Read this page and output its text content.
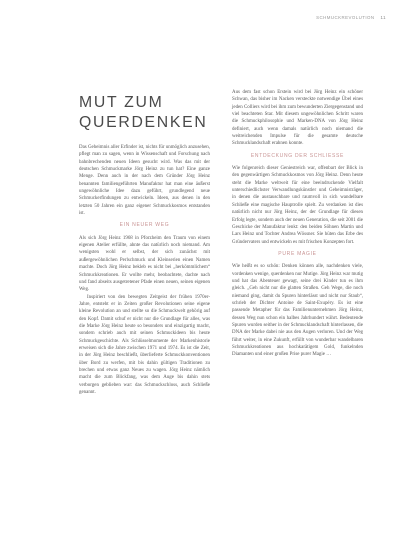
SCHMUCKREVOLUTION 11
MUT ZUM
QUERDENKEN

Das Geheimnis aller Erfinder ist, nichts für unmöglich anzusehen, pflegt man zu sagen, wenn in Wissenschaft und Forschung nach bahnbrechenden neuen Ideen gesucht wird. Was das mit der deutschen Schmuckmarke Jörg Heinz zu tun hat? Eine ganze Menge. Denn auch in der nach dem Gründer Jörg Heinz benannten familiengeführten Manufaktur hat man eine äußerst ungewöhnliche Idee dazu geführt, grundlegend neue Schmuckerfindungen zu entwickeln. Ideen, aus denen in den letzten 50 Jahren ein ganz eigener Schmuckkosmos entstanden ist.

EIN NEUER WEG

Als sich Jörg Heinz 1968 in Pforzheim den Traum von einem eigenen Atelier erfüllte, ahnte das natürlich noch niemand. Am wenigsten wohl er selbst, der sich zunächst mit außergewöhnlichen Perlschmuck und Kleinserien einen Namen machte. Doch Jörg Heinz bekleb es nicht bei „herkömmlichem“ Schmuckkreationen. Er wollte mehr, beobachtete, dachte nach und fand abseits ausgetretener Pfade einen neuen, seinen eigenen Weg.

Inspiriert von den bewegten Zeitgeist der frühen 1970er-Jahre, entsteht er in Zeiten großer Revolutionen seine eigene kleine Revolution an und stellte so die Schmuckwelt gehörig auf den Kopf. Damit schuf er nicht nur die Grundlage für alles, was die Marke Jörg Heinz heute so besonders und einzigartig macht, sondern schrieb auch mit seinen Schmuckideen bis heute Schmuckgeschichte. Als Schlüsselmomente der Markenhistorie erweisen sich die Jahre zwischen 1971 und 1974. Es ist die Zeit, in der Jörg Heinz beschließt, überlieferte Schmuckkonventionen über Bord zu werfen, mit bis dahin gültigen Traditionen zu brechen und etwas ganz Neues zu wagen. Jörg Heinz nämlich macht die zum Blickfang, was dem Auge bis dahin stets verborgen geblieben war: das Schmuckschloss, auch Schließe genannt.

Aus dem fast schon Erstein wird bei Jörg Heinz ein schöner Schwan, das bisher im Nacken versteckte notwendige Übel eines jeden Colliers wird bei ihm zum bewunderten Ziergegenstand und viel beachteten Star. Mit diesem ungewöhnlichen Schritt waren die Schmuckphilosophie und Marken-DNA von Jörg Heinz definiert, auch wenn damals natürlich noch niemand die weitreichenden Impulse für die gesamte deutsche Schmucklandschaft erahnen konnte.

ENTDECKUNG DER SCHLIESSE

Wie folgenreich dieser Geniestreich war, offenbart der Blick in den gegenwärtigen Schmuckkosmos von Jörg Heinz. Denn heute steht die Marke weltweit für eine beeindruckende Vielfalt unterschiedlichster Verwandlungskünstler und Geheimnisträger, in denen die austauschbare und raumvoll in sich wandelbare Schließe eine magische Hauptrolle spielt. Zu verdanken ist dies natürlich nicht nur Jörg Heinz, der der Grundlage für diesen Erfolg legte, sondern auch der neuen Generation, die seit 2001 die Geschicke der Manufaktur lenkt: den beiden Söhnen Martin und Lars Heinz und Tochter Andrea Wössner. Sie hüten das Erbe des Gründervaters und entwickeln es mit frischen Konzepten fort.

PURE MAGIE

Wie heißt es so schön: Denken können alle, nachdenken viele, vordenken wenige, querdenken nur Mutige. Jörg Heinz war mutig und hat das Abenteuer gewagt, seine drei Kinder tun es ihm gleich. „Geh nicht nur die glatten Straßen. Geh Wege, die noch niemand ging, damit du Spuren hinterlässt und nicht nur Staub“, schrieb der Dichter Antoine de Saint-Exupéry. Es ist eine passende Metapher für das Familienunternehmen Jörg Heinz, dessen Weg nun schon ein halbes Jahrhundert währt. Bedeutende Spuren wurden seither in der Schmucklandschaft hinterlassen, die DNA der Marke dabei nie aus den Augen verloren. Und der Weg führt weiter, in eine Zukunft, erfüllt von wunderbar wandelbaren Schmuckkreationen aus hochkarätigem Gold, funkelnden Diamanten und einer großen Prise purer Magie …
